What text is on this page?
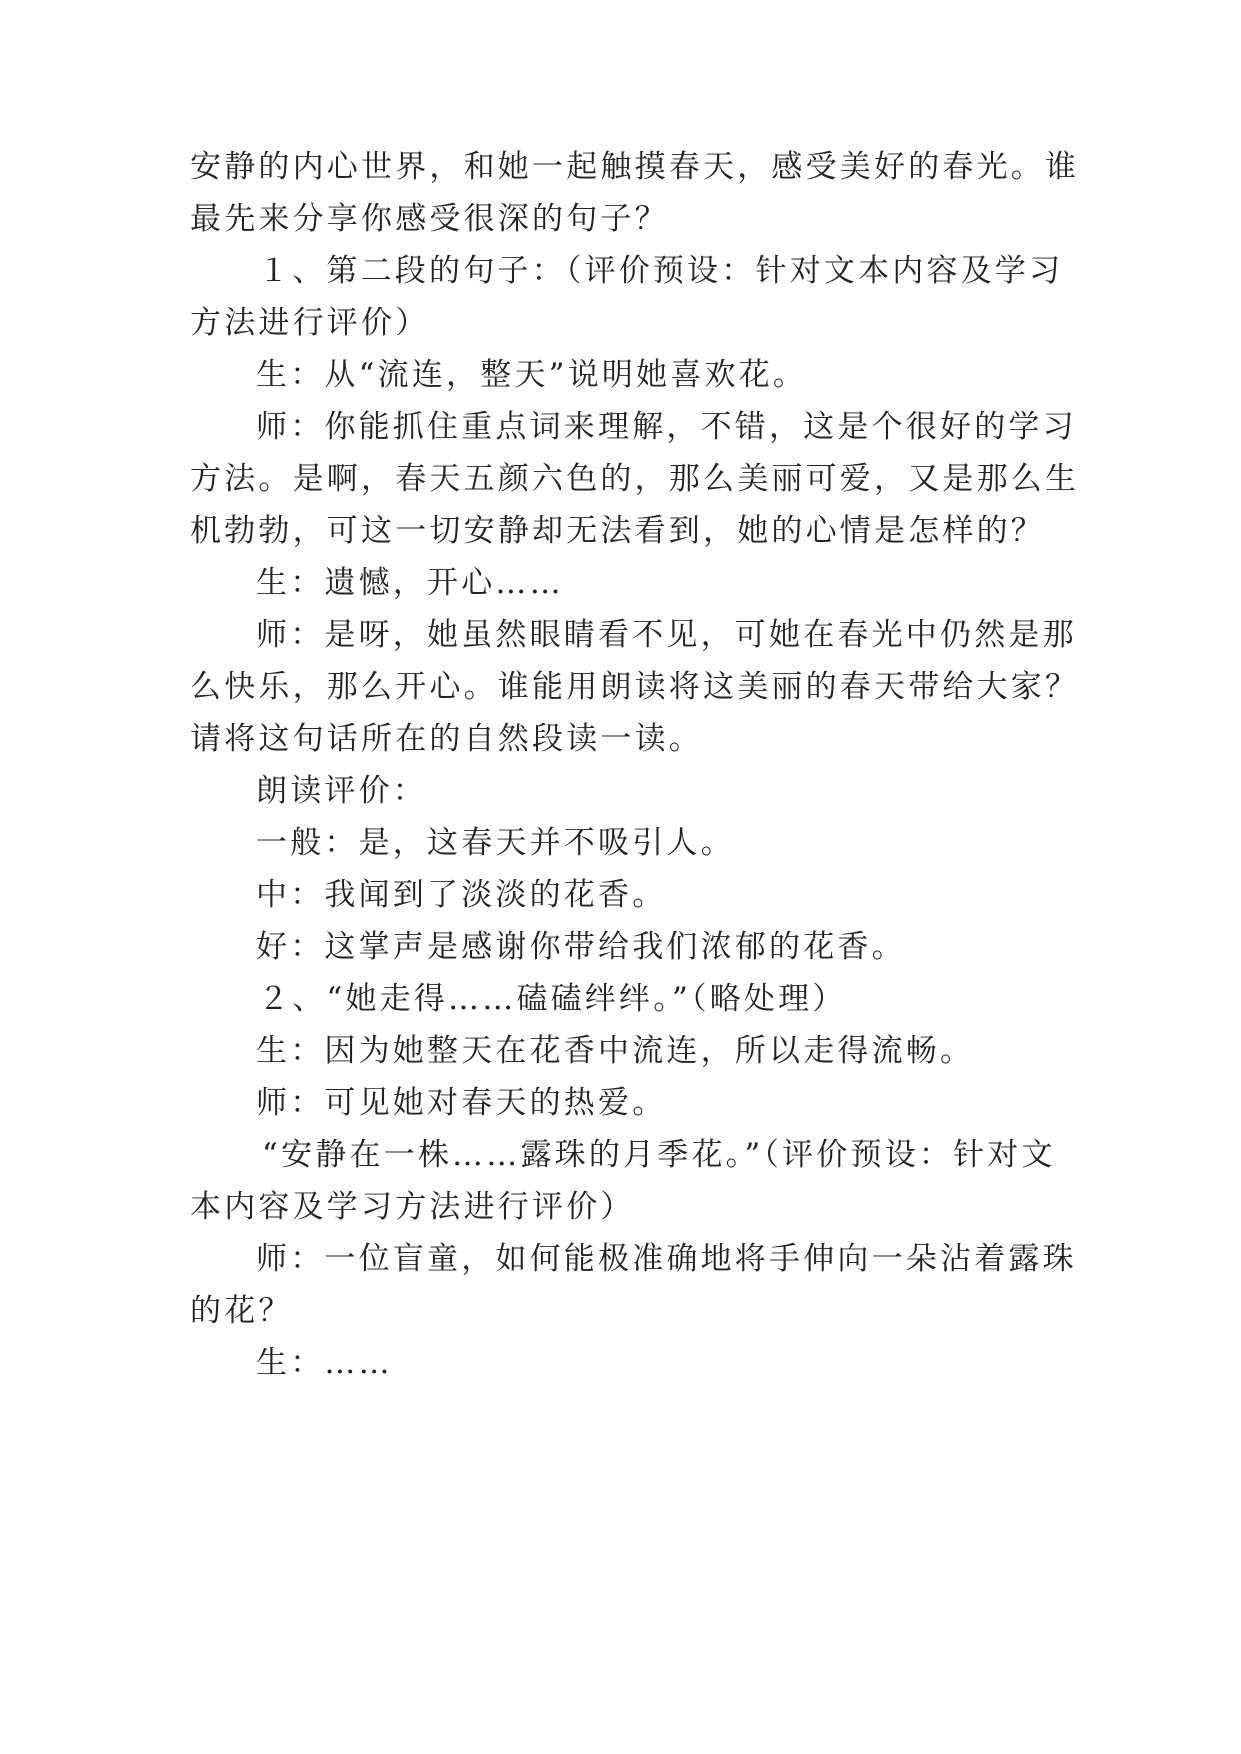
安静的内心世界，和她一起触摸春天，感受美好的春光。谁
最先来分享你感受很深的句子？
１、第二段的句子：（评价预设：针对文本内容及学习
方法进行评价）
生：从“流连，整天”说明她喜欢花。
师：你能抓住重点词来理解，不错，这是个很好的学习
方法。是啊，春天五颜六色的，那么美丽可爱，又是那么生
机勃勃，可这一切安静却无法看到，她的心情是怎样的？
生：遗憾，开心……
师：是呀，她虽然眼睛看不见，可她在春光中仍然是那
么快乐，那么开心。谁能用朗读将这美丽的春天带给大家？
请将这句话所在的自然段读一读。
朗读评价：
一般：是，这春天并不吸引人。
中：我闻到了淡淡的花香。
好：这掌声是感谢你带给我们浓郁的花香。
２、“她走得……磕磕绊绊。”（略处理）
生：因为她整天在花香中流连，所以走得流畅。
师：可见她对春天的热爱。
“安静在一株……露珠的月季花。”（评价预设：针对文
本内容及学习方法进行评价）
师：一位盲童，如何能极准确地将手伸向一朵沾着露珠
的花？
生：……
